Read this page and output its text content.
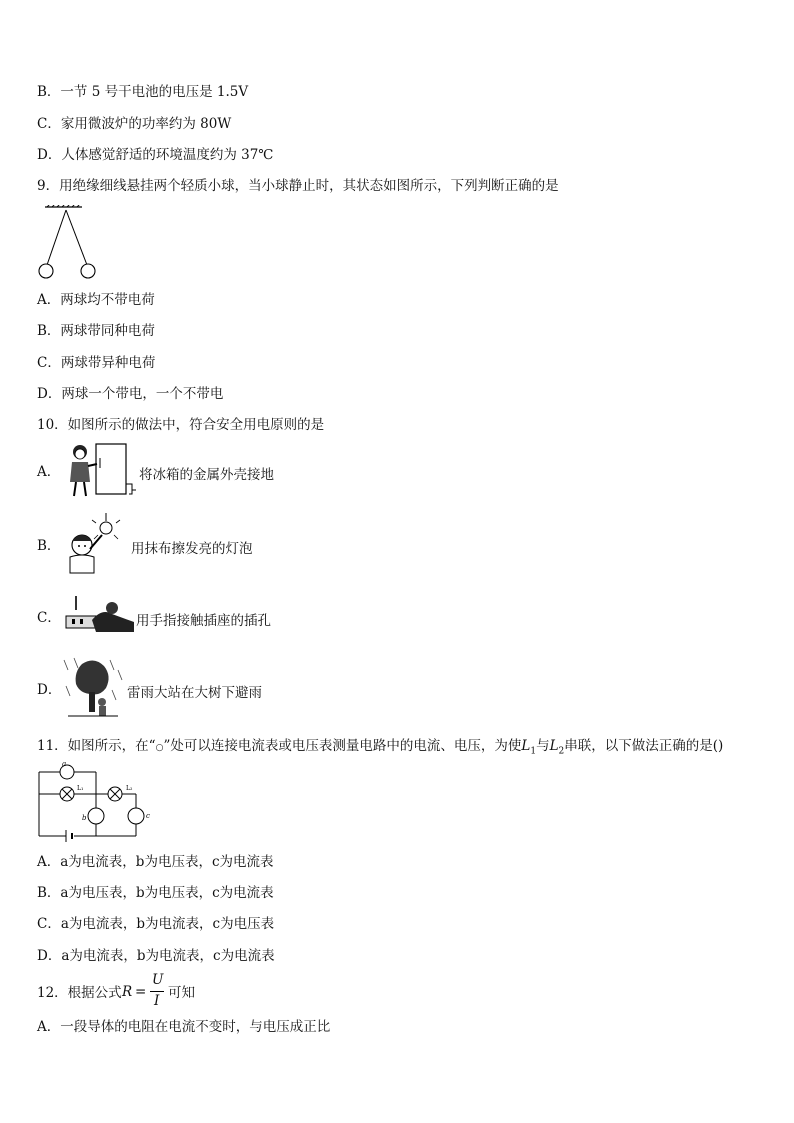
B．一节 5 号干电池的电压是 1.5V
C．家用微波炉的功率约为 80W
D．人体感觉舒适的环境温度约为 37℃
9．用绝缘细线悬挂两个轻质小球，当小球静止时，其状态如图所示，下列判断正确的是
A．两球均不带电荷
B．两球带同种电荷
C．两球带异种电荷
D．两球一个带电，一个不带电
10．如图所示的做法中，符合安全用电原则的是
A．	将冰箱的金属外壳接地
B．	用抹布擦发亮的灯泡
C．	用手指接触插座的插孔
D．	雷雨大站在大树下避雨
11．如图所示，在“○”处可以连接电流表或电压表测量电路中的电流、电压，为使$L_1$与$L_2$串联，以下做法正确的是()
a
L₁	L₂
b	c
A．a为电流表，b为电压表，c为电流表
B．a为电压表，b为电压表，c为电流表
C．a为电流表，b为电流表，c为电压表
D．a为电流表，b为电流表，c为电流表
12．根据公式 R =
U
I 可知
A．一段导体的电阻在电流不变时，与电压成正比
